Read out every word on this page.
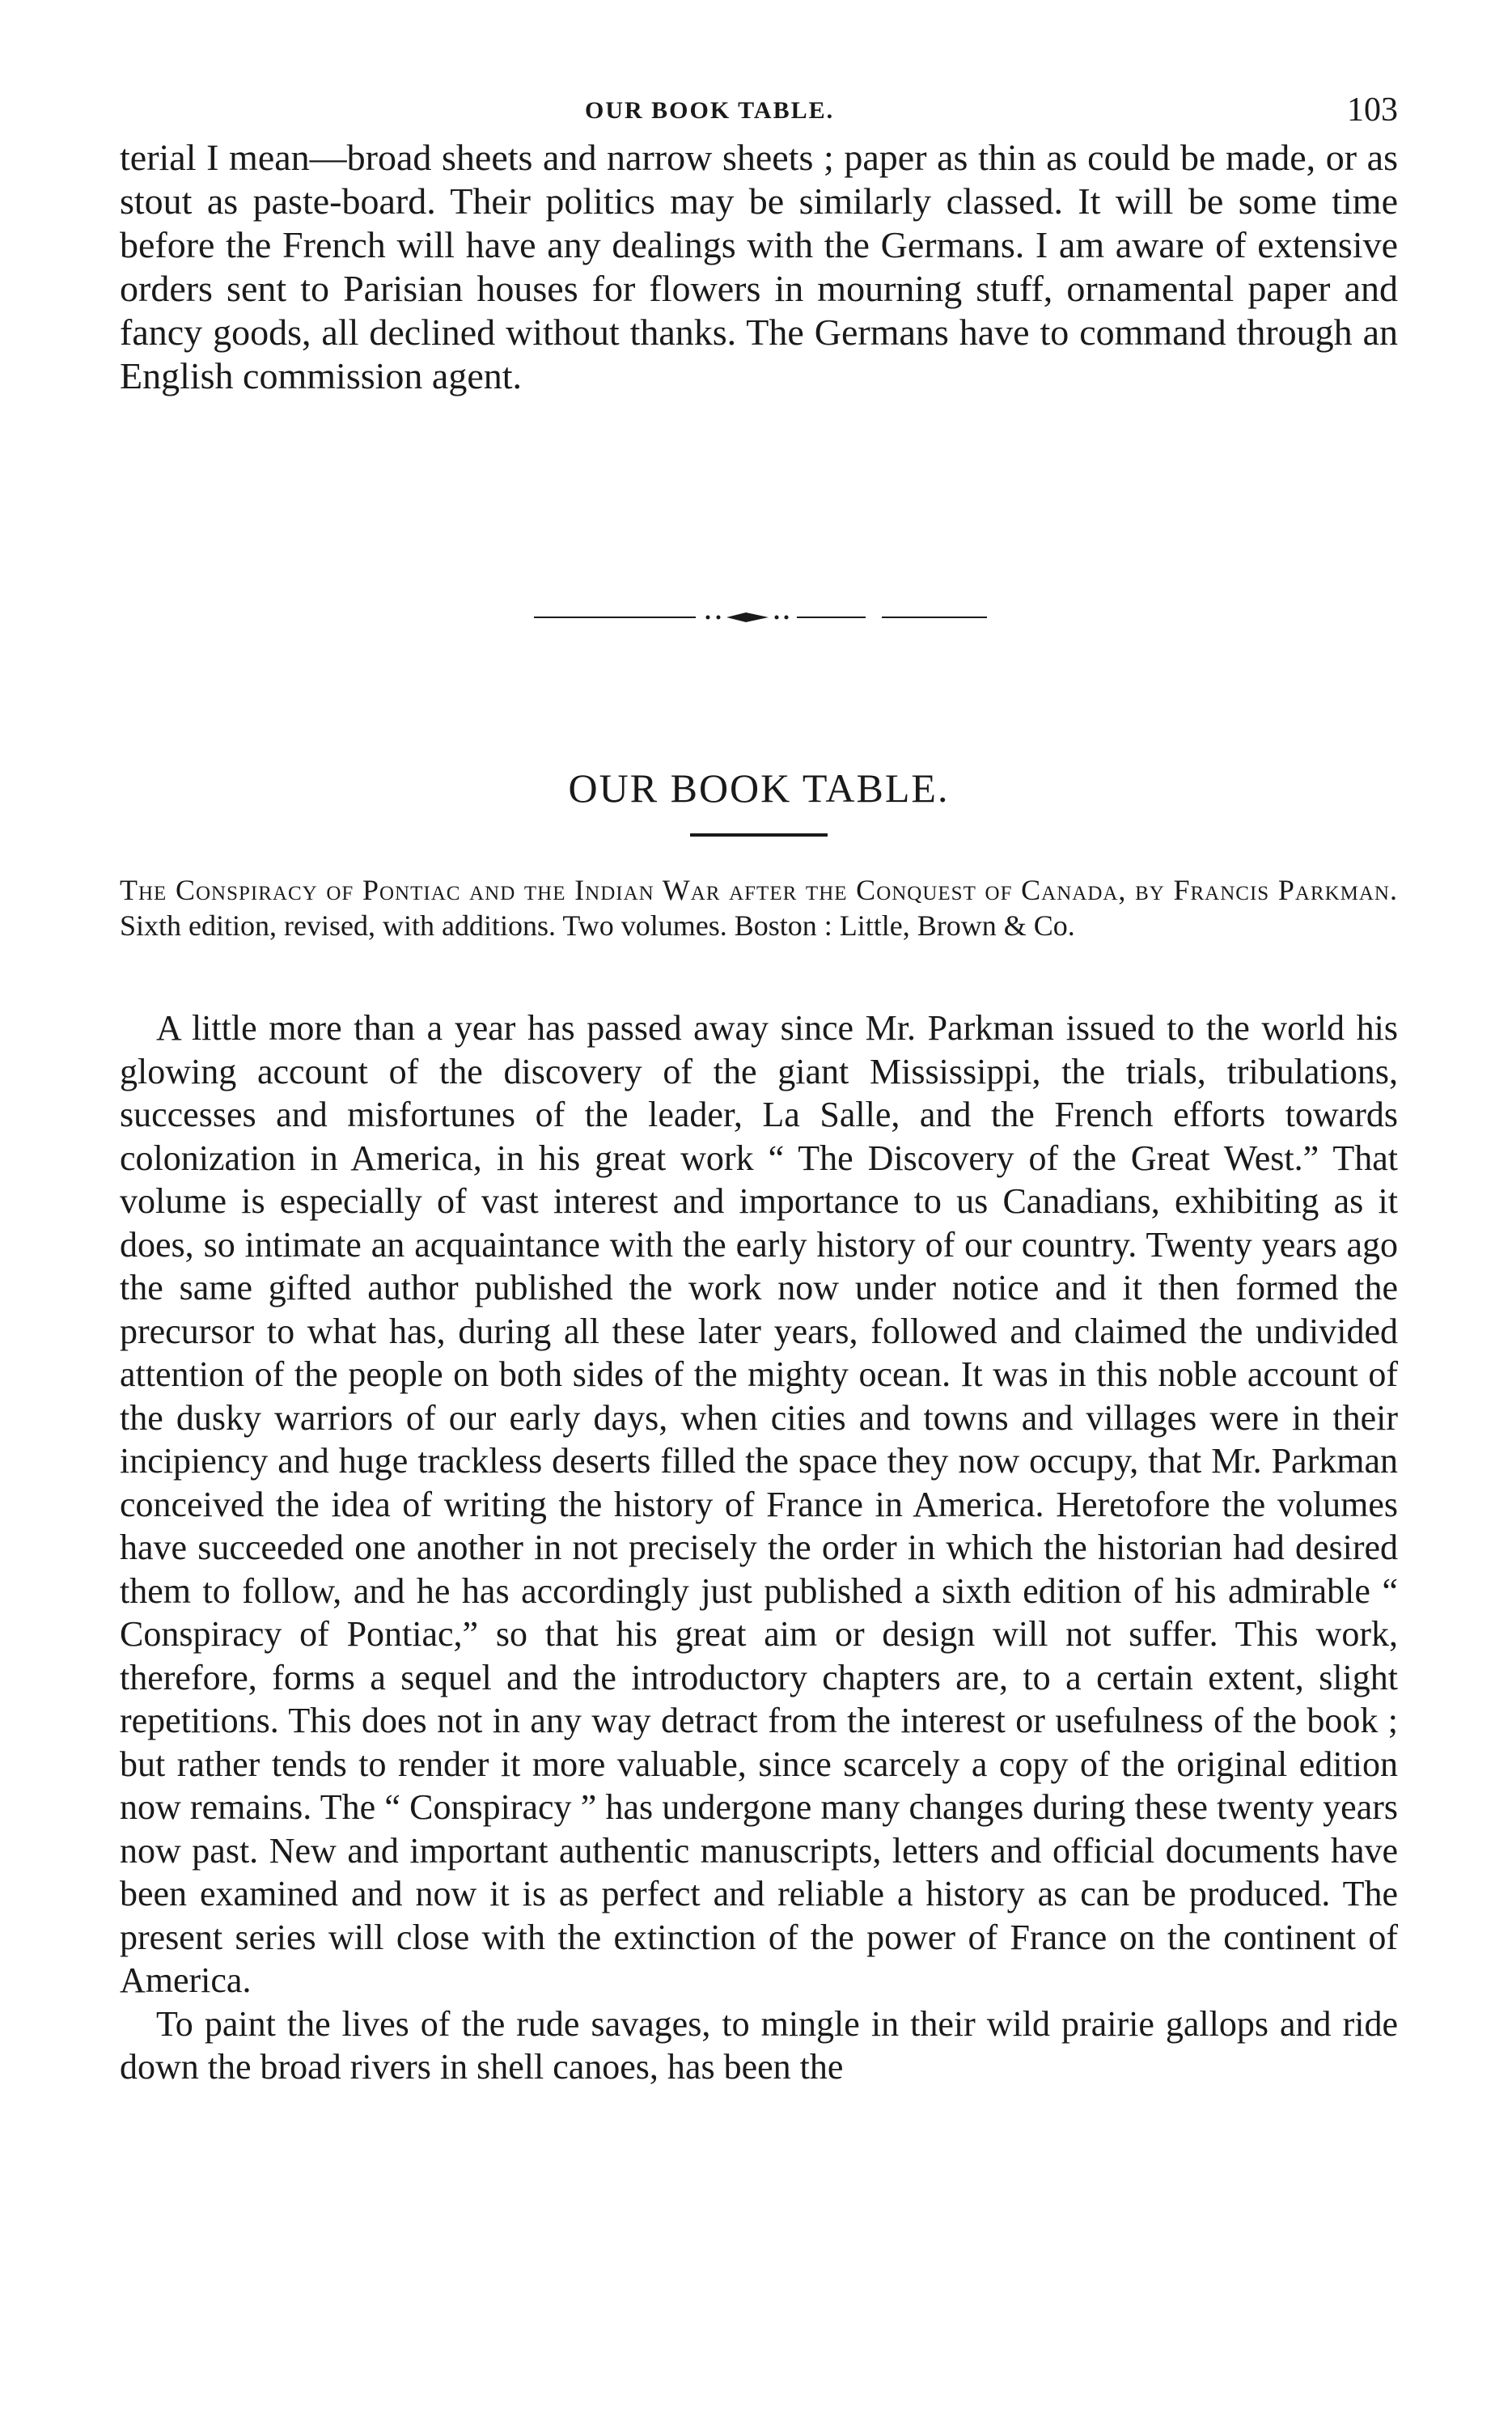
OUR BOOK TABLE.	103

terial I mean—broad sheets and narrow sheets ; paper as thin as could be made, or as stout as paste-board. Their politics may be similarly classed. It will be some time before the French will have any dealings with the Germans. I am aware of extensive orders sent to Parisian houses for flowers in mourning stuff, ornamental paper and fancy goods, all declined without thanks. The Germans have to command through an English commission agent.

OUR BOOK TABLE.

The Conspiracy of Pontiac and the Indian War after the Conquest of Canada, by Francis Parkman. Sixth edition, revised, with additions. Two volumes. Boston : Little, Brown & Co.

A little more than a year has passed away since Mr. Parkman issued to the world his glowing account of the discovery of the giant Mississippi, the trials, tribulations, successes and misfortunes of the leader, La Salle, and the French efforts towards colonization in America, in his great work “ The Discovery of the Great West.” That volume is especially of vast interest and importance to us Canadians, exhibiting as it does, so intimate an acquaintance with the early history of our country. Twenty years ago the same gifted author published the work now under notice and it then formed the precursor to what has, during all these later years, followed and claimed the undivided attention of the people on both sides of the mighty ocean. It was in this noble account of the dusky warriors of our early days, when cities and towns and villages were in their incipiency and huge trackless deserts filled the space they now occupy, that Mr. Parkman conceived the idea of writing the history of France in America. Heretofore the volumes have succeeded one another in not precisely the order in which the historian had desired them to follow, and he has accordingly just published a sixth edition of his admirable “ Conspiracy of Pontiac,” so that his great aim or design will not suffer. This work, therefore, forms a sequel and the introductory chapters are, to a certain extent, slight repetitions. This does not in any way detract from the interest or usefulness of the book ; but rather tends to render it more valuable, since scarcely a copy of the original edition now remains. The “ Conspiracy ” has undergone many changes during these twenty years now past. New and important authentic manuscripts, letters and official documents have been examined and now it is as perfect and reliable a history as can be produced. The present series will close with the extinction of the power of France on the continent of America.

To paint the lives of the rude savages, to mingle in their wild prairie gallops and ride down the broad rivers in shell canoes, has been the
